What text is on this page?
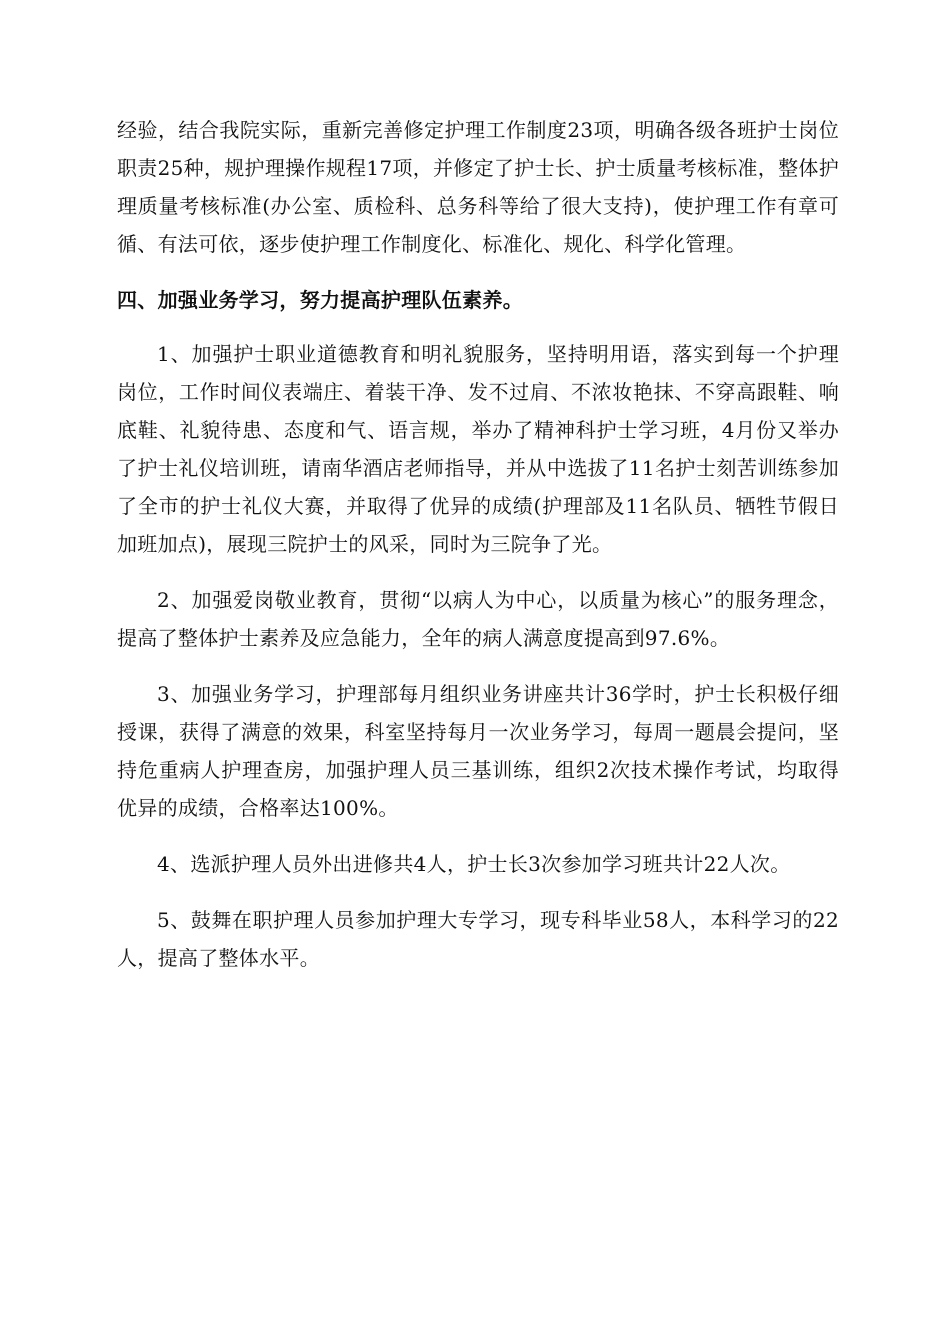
经验，结合我院实际，重新完善修定护理工作制度23项，明确各级各班护士岗位职责25种，规护理操作规程17项，并修定了护士长、护士质量考核标准，整体护理质量考核标准(办公室、质检科、总务科等给了很大支持)，使护理工作有章可循、有法可依，逐步使护理工作制度化、标准化、规化、科学化管理。

四、加强业务学习，努力提高护理队伍素养。

1、加强护士职业道德教育和明礼貌服务，坚持明用语，落实到每一个护理岗位，工作时间仪表端庄、着装干净、发不过肩、不浓妆艳抹、不穿高跟鞋、响底鞋、礼貌待患、态度和气、语言规，举办了精神科护士学习班，4月份又举办了护士礼仪培训班，请南华酒店老师指导，并从中选拔了11名护士刻苦训练参加了全市的护士礼仪大赛，并取得了优异的成绩(护理部及11名队员、牺牲节假日加班加点)，展现三院护士的风采，同时为三院争了光。

2、加强爱岗敬业教育，贯彻“以病人为中心，以质量为核心”的服务理念，提高了整体护士素养及应急能力，全年的病人满意度提高到97.6%。

3、加强业务学习，护理部每月组织业务讲座共计36学时，护士长积极仔细授课，获得了满意的效果，科室坚持每月一次业务学习，每周一题晨会提问，坚持危重病人护理查房，加强护理人员三基训练，组织2次技术操作考试，均取得优异的成绩，合格率达100%。

4、选派护理人员外出进修共4人，护士长3次参加学习班共计22人次。

5、鼓舞在职护理人员参加护理大专学习，现专科毕业58人，本科学习的22人，提高了整体水平。
